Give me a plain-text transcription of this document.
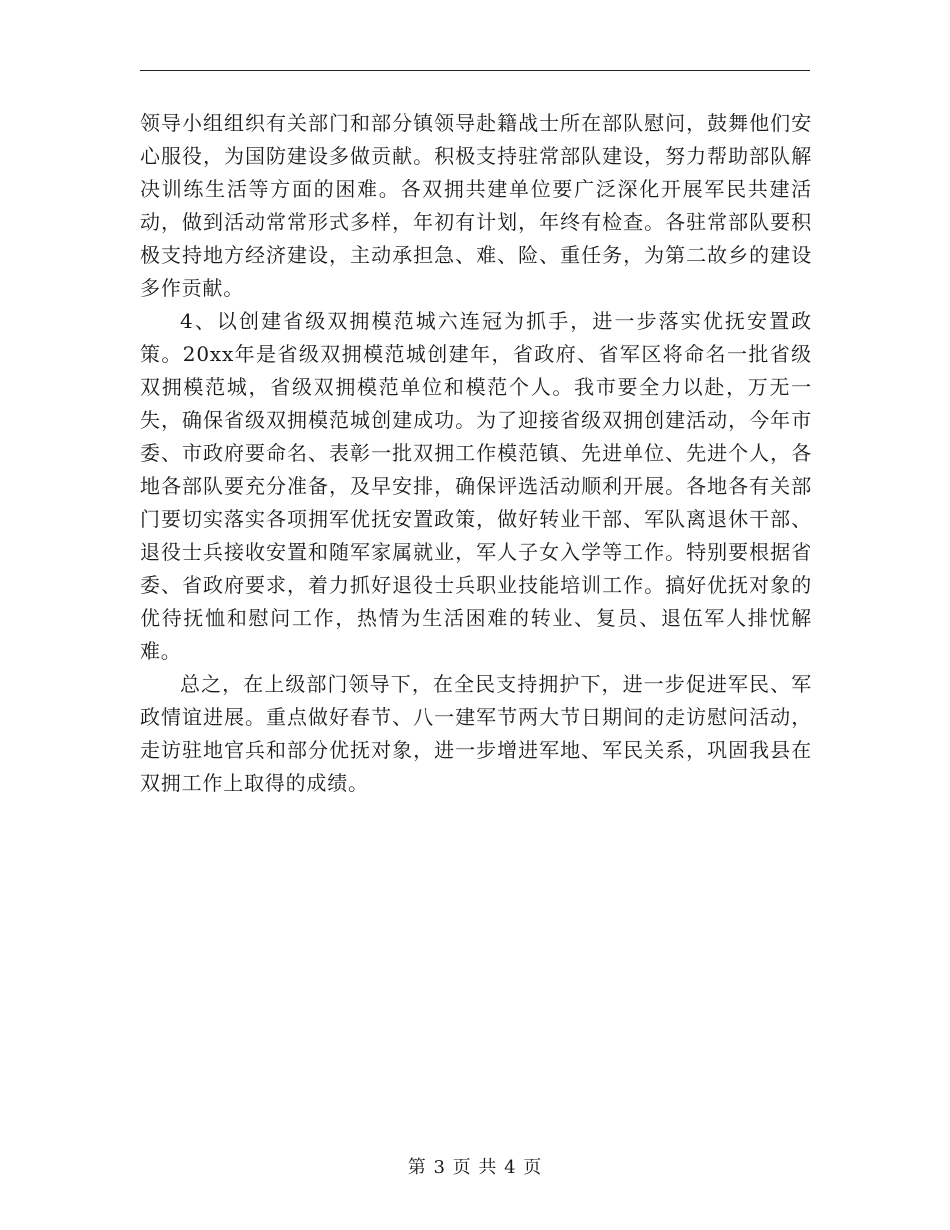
领导小组组织有关部门和部分镇领导赴籍战士所在部队慰问，鼓舞他们安心服役，为国防建设多做贡献。积极支持驻常部队建设，努力帮助部队解决训练生活等方面的困难。各双拥共建单位要广泛深化开展军民共建活动，做到活动常常形式多样，年初有计划，年终有检查。各驻常部队要积极支持地方经济建设，主动承担急、难、险、重任务，为第二故乡的建设多作贡献。

4、以创建省级双拥模范城六连冠为抓手，进一步落实优抚安置政策。20xx年是省级双拥模范城创建年，省政府、省军区将命名一批省级双拥模范城，省级双拥模范单位和模范个人。我市要全力以赴，万无一失，确保省级双拥模范城创建成功。为了迎接省级双拥创建活动，今年市委、市政府要命名、表彰一批双拥工作模范镇、先进单位、先进个人，各地各部队要充分准备，及早安排，确保评选活动顺利开展。各地各有关部门要切实落实各项拥军优抚安置政策，做好转业干部、军队离退休干部、退役士兵接收安置和随军家属就业，军人子女入学等工作。特别要根据省委、省政府要求，着力抓好退役士兵职业技能培训工作。搞好优抚对象的优待抚恤和慰问工作，热情为生活困难的转业、复员、退伍军人排忧解难。

总之，在上级部门领导下，在全民支持拥护下，进一步促进军民、军政情谊进展。重点做好春节、八一建军节两大节日期间的走访慰问活动，走访驻地官兵和部分优抚对象，进一步增进军地、军民关系，巩固我县在双拥工作上取得的成绩。

第 3 页 共 4 页
